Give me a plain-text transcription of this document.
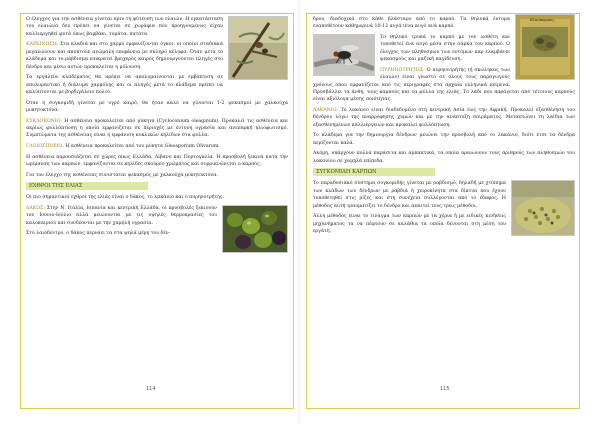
Ο έλεγχος για την ασθένεια γίνεται πριν τη φύτευση των ελαιών. Η εγκατάσταση του ελαιώνα δεν πρέπει να γίνεται σε χωράφια που προηγουμένως είχαν καλλιεργηθεί φυτά όπως βαμβάκι, τομάτα, πατάτα.

ΚΑΡΚΙΝΩΣΗ: Στα κλαδιά και στο χαρμό εμφανίζονται όγκοι, οι οποίοι σταδιακά μεγαλώνουν και αποκτούν ανώμαλη επιφάνεια με σκληρό κέλυφα. Όταν μετά το κλάδεμα και το ράβδισμα επικρατεί βροχερός καιρός δημιουργούνται πληγές στο δένδρο και μέσω αυτών προκαλείται η μόλυνση.

Τα εργαλεία κλαδέματος θα πρέπει να απολυμαίνονται με εμβάπτιση σε απολυμαντικό ή διάλυμα χαρμόλης και οι πληγές μετά το κλάδεμα πρέπει να καλύπτονται με βορδιγάλειο πολτό.

Όταν η συγκομιδή γίνεται με υγρό καιρό, θα ήταν καλό να γίνονται 1-2 ψεκασμοί με χαλκούχα μυκητοκτόνα.

ΚΥΚΛΟΚΟΝΙΟ: Η ασθένεια προκαλείται από μύκητα (Cycloconium oleaginum). Προκαλεί τις ασθένεια και ακρίως φυλλόπτωση η οποία εμφανίζεται σε περιοχές με έντονη υγρασία και ανεπαρκή ηλιοφωτισμό. Συμπτώματα της ασθένειας είναι η εμφάνιση κυκλικών κηλίδων στα φύλλα.

ΓΛΟΙΟΣΠΟΡΙΟ: Η ασθένεια προκαλείται από τον μύκητα Gleosporium Olivarum.

Η ασθένεια παρουσιάζεται σε χώρες όπως Ελλάδα, Λίβανο και Πορτογαλία. Η προσβολή ξεκινά κατά την ωρίμανση των καρπών, εμφανίζονται σε κηλίδες σκούρου χρώματος και συρρικνώνεται ο καρπός.

Για τον έλεγχο της ασθένειας συνιστάται ψεκασμός με χαλκούχα μυκητοκτόνα.

ΕΧΘΡΟΙ ΤΗΣ ΕΛΙΑΣ

Οι πιο σημαντικοί εχθροί της ελιάς είναι ο δάκος, το λακάνιο και ο πυρηνοτρήτης.

ΔΑΚΟΣ: Στην Ν. Ιταλία, Ισπανία και κεντρική Ελλάδα, οι προσβολές ξεκινούν τον Ιούνιο-Ιούλιο αλλά μειώνονται με τις υψηλές θερμοκρασίες του καλοκαιριού και συνδέονται με την χαμηλή υγρασία.

Στο λαιόδεντρο, ο δάκος περνάει τα στα ψηλά μέρη του δέν-

114
Ελαιόκαρπος

δρου, διαδοχικά στο κάθε βλάσταρο από το καρπό. Τα θηλυκά έντομα εναποθέτουν καθημερινά 10-12 αυγά (ένα αυγό ανά καρπό.

Το θηλυκό τρυπά το καρπό με τον ωοθέτη και τοποθετεί ένα αυγό μέσα στην σάρκα του καρπού. Ο έλεγχος των πληθυσμών των εντόμων παρ ελαμβάνει ψεκασμούς και μαζική παγίδευση.

ΠΥΡΗΝΟΤΡΗΤΗΣ: Ο πυρηνοτρήτης (ή σκώληκας των ελαιών) είναι γνωστό σε όλους τους παραγωγούς χρόνους όπου εμφανίζεται από τις περιγραφές στα αρχαία ελληνικά κείμενα. Προσβάλλει τα άνθη, τους καρπούς και τα φύλλα της ελιάς. Το λάδι που παράγεται από τέτοιους καρπούς είναι αξιόλογα μέσης ποιότητας.

ΛΑΚΑΝΙΟ: Το λακάνιο είναι διαδεδομένο στη κεντρική Ασία έως την Αφρική. Προκαλεί εξασθένηση του δένδρου λόγω της αναρρόφησης χυμών και με την ανάπτυξη σπιράματος. Μεταπτώνει τη λαίδια των εξασθενημένων καλλιεργειών και προκαλεί φυλλόπτωση.

Το κλάδεμα για την δημιουργία δένδρων μειώνει την προσβολή από το λακάνιο, διότι έτσι τα δένδρα αερίζονται καλά.

Ακόμη, υπάρχουν πολλά παράσιτα και αρπακτικά, τα οποία αραιώνουν τους αριθμούς των πληθυσμών του λακανίου σε χαμηλά επίπεδα.

ΣΥΓΚΟΜΙΔΗ ΚΑΡΠΩΝ

Το παραδοσιακό σύστημα συγκομιδής γίνεται με ραβδισμό, δηλαδή με χτύπημα των κλάδων των δένδρων με ραβδιά ή χειροκίνητα στα δίκτυα που έχουν τοποθετηθεί στις ρίζες και στη συνέχεια συλλέγονται από το έδαφος. Η μέθοδος αυτή τραυματίζει το δένδρο και απαιτεί τους τρεις μέθοδοι.

Άλλη μέθοδος είναι το τίναγμα των καρπών με τα χέρια ή με ειδικές κινήσεις μηχανήματος τα να πέφτουν σε καλάθια τα οποία δένονται στη μέση του εργάτη.

115
